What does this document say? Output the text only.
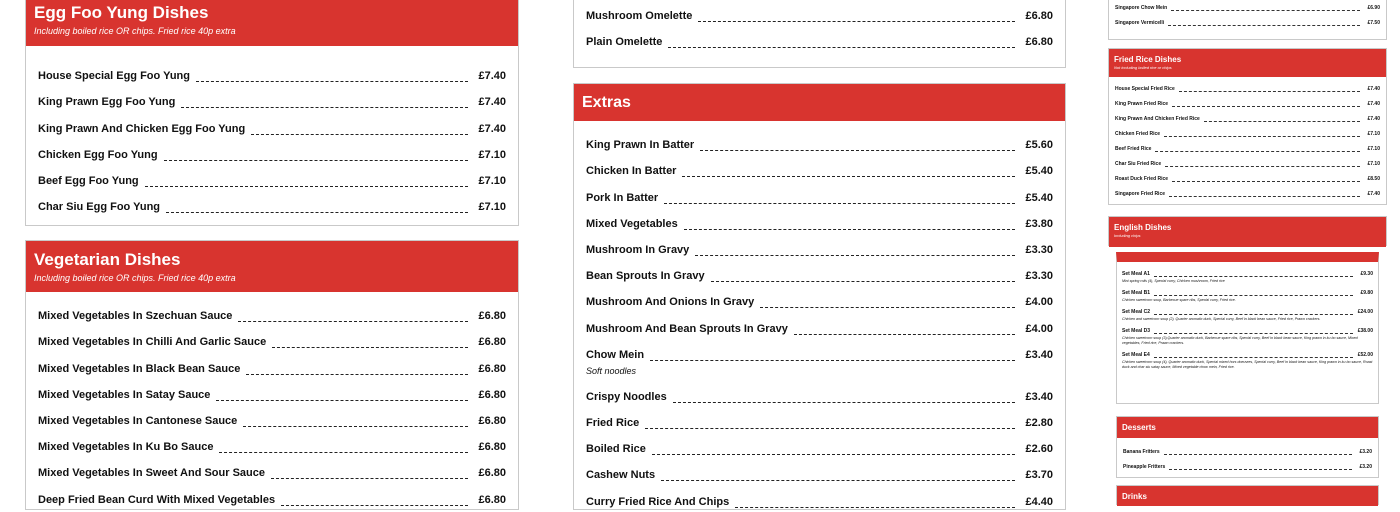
Egg Foo Yung Dishes
Including boiled rice OR chips. Fried rice 40p extra
House Special Egg Foo Yung	£7.40
King Prawn Egg Foo Yung	£7.40
King Prawn And Chicken Egg Foo Yung	£7.40
Chicken Egg Foo Yung	£7.10
Beef Egg Foo Yung	£7.10
Char Siu Egg Foo Yung	£7.10
Vegetarian Dishes
Including boiled rice OR chips. Fried rice 40p extra
Mixed Vegetables In Szechuan Sauce	£6.80
Mixed Vegetables In Chilli And Garlic Sauce	£6.80
Mixed Vegetables In Black Bean Sauce	£6.80
Mixed Vegetables In Satay Sauce	£6.80
Mixed Vegetables In Cantonese Sauce	£6.80
Mixed Vegetables In Ku Bo Sauce	£6.80
Mixed Vegetables In Sweet And Sour Sauce	£6.80
Deep Fried Bean Curd With Mixed Vegetables	£6.80
Mushroom Omelette	£6.80
Plain Omelette	£6.80
Extras
King Prawn In Batter	£5.60
Chicken In Batter	£5.40
Pork In Batter	£5.40
Mixed Vegetables	£3.80
Mushroom In Gravy	£3.30
Bean Sprouts In Gravy	£3.30
Mushroom And Onions In Gravy	£4.00
Mushroom And Bean Sprouts In Gravy	£4.00
Chow Mein	£3.40
Soft noodles
Crispy Noodles	£3.40
Fried Rice	£2.80
Boiled Rice	£2.60
Cashew Nuts	£3.70
Curry Fried Rice And Chips	£4.40
Singapore Chow Mein	£6.90
Singapore Vermicelli	£7.50
Fried Rice Dishes
Not including boiled rice or chips
House Special Fried Rice	£7.40
King Prawn Fried Rice	£7.40
King Prawn And Chicken Fried Rice	£7.40
Chicken Fried Rice	£7.10
Beef Fried Rice	£7.10
Char Siu Fried Rice	£7.10
Roast Duck Fried Rice	£8.50
Singapore Fried Rice	£7.40
English Dishes
Including chips
Set Meal A1	£9.30
Mini spring rolls (4), Special curry, Chicken mushroom, Fried rice
Set Meal B1	£9.80
Chicken sweetcorn soup, Barbecue spare ribs, Special curry, Fried rice.
Set Meal C2	£24.00
Chicken and sweetcorn soup (2), Quarter aromatic duck, Special curry, Beef in black bean sauce, Fried rice, Prawn crackers.
Set Meal D3	£38.00
Chicken sweetcorn soup (3),Quarter aromatic duck, Barbecue spare ribs, Special curry, Beef in black bean sauce, King prawn in ku bo sauce, Mixed vegetables, Fried rice, Prawn crackers.
Set Meal E4	£52.00
Chicken sweetcorn soup (4), Quarter aromatic duck, Special mixed hors doeuvres, Special curry, Beef in black bean sauce, King prawn in ku bo sauce, Roast duck and char siu satay sauce, Mixed vegetable chow mein, Fried rice.
Set Meals
Desserts
Banana Fritters	£3.20
Pineapple Fritters	£3.20
Drinks
